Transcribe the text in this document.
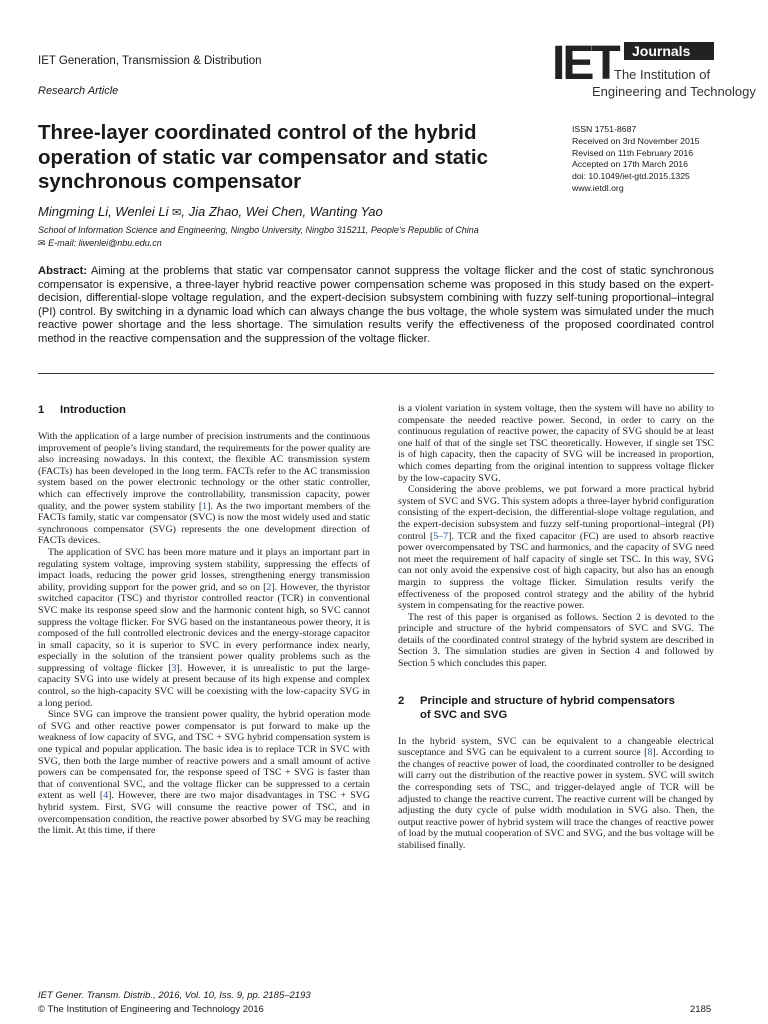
IET Generation, Transmission & Distribution
Research Article
IET	Journals
The Institution of
Engineering and Technology
Three-layer coordinated control of the hybrid operation of static var compensator and static synchronous compensator
ISSN 1751-8687
Received on 3rd November 2015
Revised on 11th February 2016
Accepted on 17th March 2016
doi: 10.1049/iet-gtd.2015.1325
www.ietdl.org
Mingming Li, Wenlei Li ✉, Jia Zhao, Wei Chen, Wanting Yao
School of Information Science and Engineering, Ningbo University, Ningbo 315211, People’s Republic of China
✉ E-mail: liwenlei@nbu.edu.cn

Abstract: Aiming at the problems that static var compensator cannot suppress the voltage flicker and the cost of static synchronous compensator is expensive, a three-layer hybrid reactive power compensation scheme was proposed in this study based on the expert-decision, differential-slope voltage regulation, and the expert-decision subsystem combining with fuzzy self-tuning proportional–integral (PI) control. By switching in a dynamic load which can always change the bus voltage, the whole system was simulated under the much reactive power shortage and the less shortage. The simulation results verify the effectiveness of the proposed coordinated control method in the reactive compensation and the suppression of the voltage flicker.

1 Introduction

With the application of a large number of precision instruments and the continuous improvement of people’s living standard, the requirements for the power quality are also increasing nowadays. In this context, the flexible AC transmission system (FACTs) has been developed in the long term. FACTs refer to the AC transmission system based on the power electronic technology or the other static controller, which can effectively improve the controllability, transmission capacity, power quality, and the power system stability [1]. As the two important members of the FACTs family, static var compensator (SVC) is now the most widely used and static synchronous compensator (SVG) represents the one development direction of FACTs devices.

The application of SVC has been more mature and it plays an important part in regulating system voltage, improving system stability, suppressing the effects of impact loads, reducing the power grid losses, strengthening energy transmission ability, providing support for the power grid, and so on [2]. However, the thyristor switched capacitor (TSC) and thyristor controlled reactor (TCR) in conventional SVC make its response speed slow and the harmonic content high, so SVC cannot suppress the voltage flicker. For SVG based on the instantaneous power theory, it is composed of the full controlled electronic devices and the energy-storage capacitor in small capacity, so it is superior to SVC in every performance index nearly, especially in the solution of the transient power quality problems such as the suppressing of voltage flicker [3]. However, it is unrealistic to put the large-capacity SVG into use widely at present because of its high expense and complex control, so the high-capacity SVC will be coexisting with the low-capacity SVG in a long period.

Since SVG can improve the transient power quality, the hybrid operation mode of SVG and other reactive power compensator is put forward to make up the weakness of low capacity of SVG, and TSC + SVG hybrid compensation system is one typical and popular application. The basic idea is to replace TCR in SVC with SVG, then both the large number of reactive powers and a small amount of active powers can be compensated for, the response speed of TSC + SVG is faster than that of conventional SVC, and the voltage flicker can be suppressed to a certain extent as well [4]. However, there are two major disadvantages in TSC + SVG hybrid system. First, SVG will consume the reactive power of TSC, and in overcompensation condition, the reactive power absorbed by SVG may be reaching the limit. At this time, if there

is a violent variation in system voltage, then the system will have no ability to compensate the needed reactive power. Second, in order to carry on the continuous regulation of reactive power, the capacity of SVG should be at least one half of that of the single set TSC theoretically. However, if single set TSC is of high capacity, then the capacity of SVG will be increased in proportion, which comes departing from the original intention to suppress voltage flicker by the low-capacity SVG.

Considering the above problems, we put forward a more practical hybrid system of SVC and SVG. This system adopts a three-layer hybrid configuration consisting of the expert-decision, the differential-slope voltage regulation, and the expert-decision subsystem and fuzzy self-tuning proportional–integral (PI) control [5–7]. TCR and the fixed capacitor (FC) are used to absorb reactive power overcompensated by TSC and harmonics, and the capacity of SVG need not meet the requirement of half capacity of single set TSC. In this way, SVG can not only avoid the expensive cost of high capacity, but also has an enough margin to suppress the voltage flicker. Simulation results verify the effectiveness of the proposed control strategy and the ability of the hybrid system in compensating for the reactive power.

The rest of this paper is organised as follows. Section 2 is devoted to the principle and structure of the hybrid compensators of SVC and SVG. The details of the coordinated control strategy of the hybrid system are described in Section 3. The simulation studies are given in Section 4 and followed by Section 5 which concludes this paper.

2	Principle and structure of hybrid compensators
of SVC and SVG

In the hybrid system, SVC can be equivalent to a changeable electrical susceptance and SVG can be equivalent to a current source [8]. According to the changes of reactive power of load, the coordinated controller to be designed will carry out the distribution of the reactive power in system. SVC will switch the corresponding sets of TSC, and trigger-delayed angle of TCR will be adjusted to change the reactive current. The reactive current will be changed by adjusting the duty cycle of pulse width modulation in SVG also. Then, the output reactive power of hybrid system will trace the changes of reactive power of load by the mutual cooperation of SVC and SVG, and the bus voltage will be stabilised finally.

IET Gener. Transm. Distrib., 2016, Vol. 10, Iss. 9, pp. 2185–2193
© The Institution of Engineering and Technology 2016	2185
